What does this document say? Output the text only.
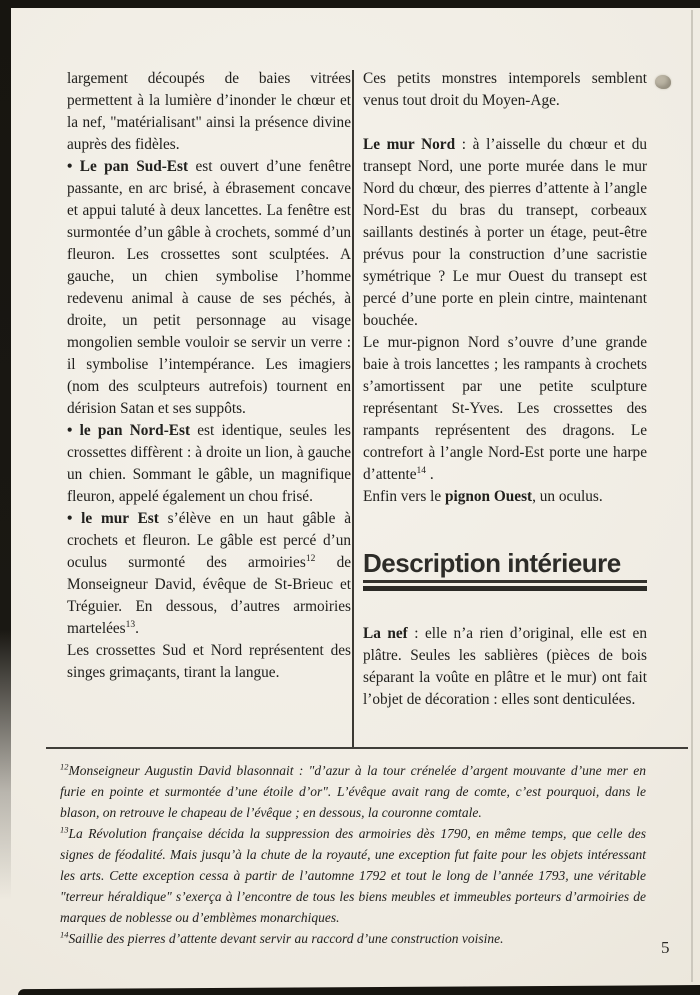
largement découpés de baies vitrées permettent à la lumière d’inonder le chœur et la nef, "matérialisant" ainsi la présence divine auprès des fidèles.

• Le pan Sud-Est est ouvert d’une fenêtre passante, en arc brisé, à ébrasement concave et appui taluté à deux lancettes. La fenêtre est surmontée d’un gâble à crochets, sommé d’un fleuron. Les crossettes sont sculptées. A gauche, un chien symbolise l’homme redevenu animal à cause de ses péchés, à droite, un petit personnage au visage mongolien semble vouloir se servir un verre : il symbolise l’intempérance. Les imagiers (nom des sculpteurs autrefois) tournent en dérision Satan et ses suppôts.

• le pan Nord-Est est identique, seules les crossettes diffèrent : à droite un lion, à gauche un chien. Sommant le gâble, un magnifique fleuron, appelé également un chou frisé.

• le mur Est s’élève en un haut gâble à crochets et fleuron. Le gâble est percé d’un oculus surmonté des armoiries$^{12}$ de Monseigneur David, évêque de St-Brieuc et Tréguier. En dessous, d’autres armoiries martelées$^{13}$.

Les crossettes Sud et Nord représentent des singes grimaçants, tirant la langue.

Ces petits monstres intemporels semblent venus tout droit du Moyen-Age.

Le mur Nord : à l’aisselle du chœur et du transept Nord, une porte murée dans le mur Nord du chœur, des pierres d’attente à l’angle Nord-Est du bras du transept, corbeaux saillants destinés à porter un étage, peut-être prévus pour la construction d’une sacristie symétrique ? Le mur Ouest du transept est percé d’une porte en plein cintre, maintenant bouchée.

Le mur-pignon Nord s’ouvre d’une grande baie à trois lancettes ; les rampants à crochets s’amortissent par une petite sculpture représentant St-Yves. Les crossettes des rampants représentent des dragons. Le contrefort à l’angle Nord-Est porte une harpe d’attente$^{14}$ .

Enfin vers le pignon Ouest, un oculus.

Description intérieure

La nef : elle n’a rien d’original, elle est en plâtre. Seules les sablières (pièces de bois séparant la voûte en plâtre et le mur) ont fait l’objet de décoration : elles sont denticulées.

$^{12}$Monseigneur Augustin David blasonnait : "d’azur à la tour crénelée d’argent mouvante d’une mer en furie en pointe et surmontée d’une étoile d’or". L’évêque avait rang de comte, c’est pourquoi, dans le blason, on retrouve le chapeau de l’évêque ; en dessous, la couronne comtale.

$^{13}$La Révolution française décida la suppression des armoiries dès 1790, en même temps, que celle des signes de féodalité. Mais jusqu’à la chute de la royauté, une exception fut faite pour les objets intéressant les arts. Cette exception cessa à partir de l’automne 1792 et tout le long de l’année 1793, une véritable "terreur héraldique" s’exerça à l’encontre de tous les biens meubles et immeubles porteurs d’armoiries de marques de noblesse ou d’emblèmes monarchiques.

$^{14}$Saillie des pierres d’attente devant servir au raccord d’une construction voisine.	5
